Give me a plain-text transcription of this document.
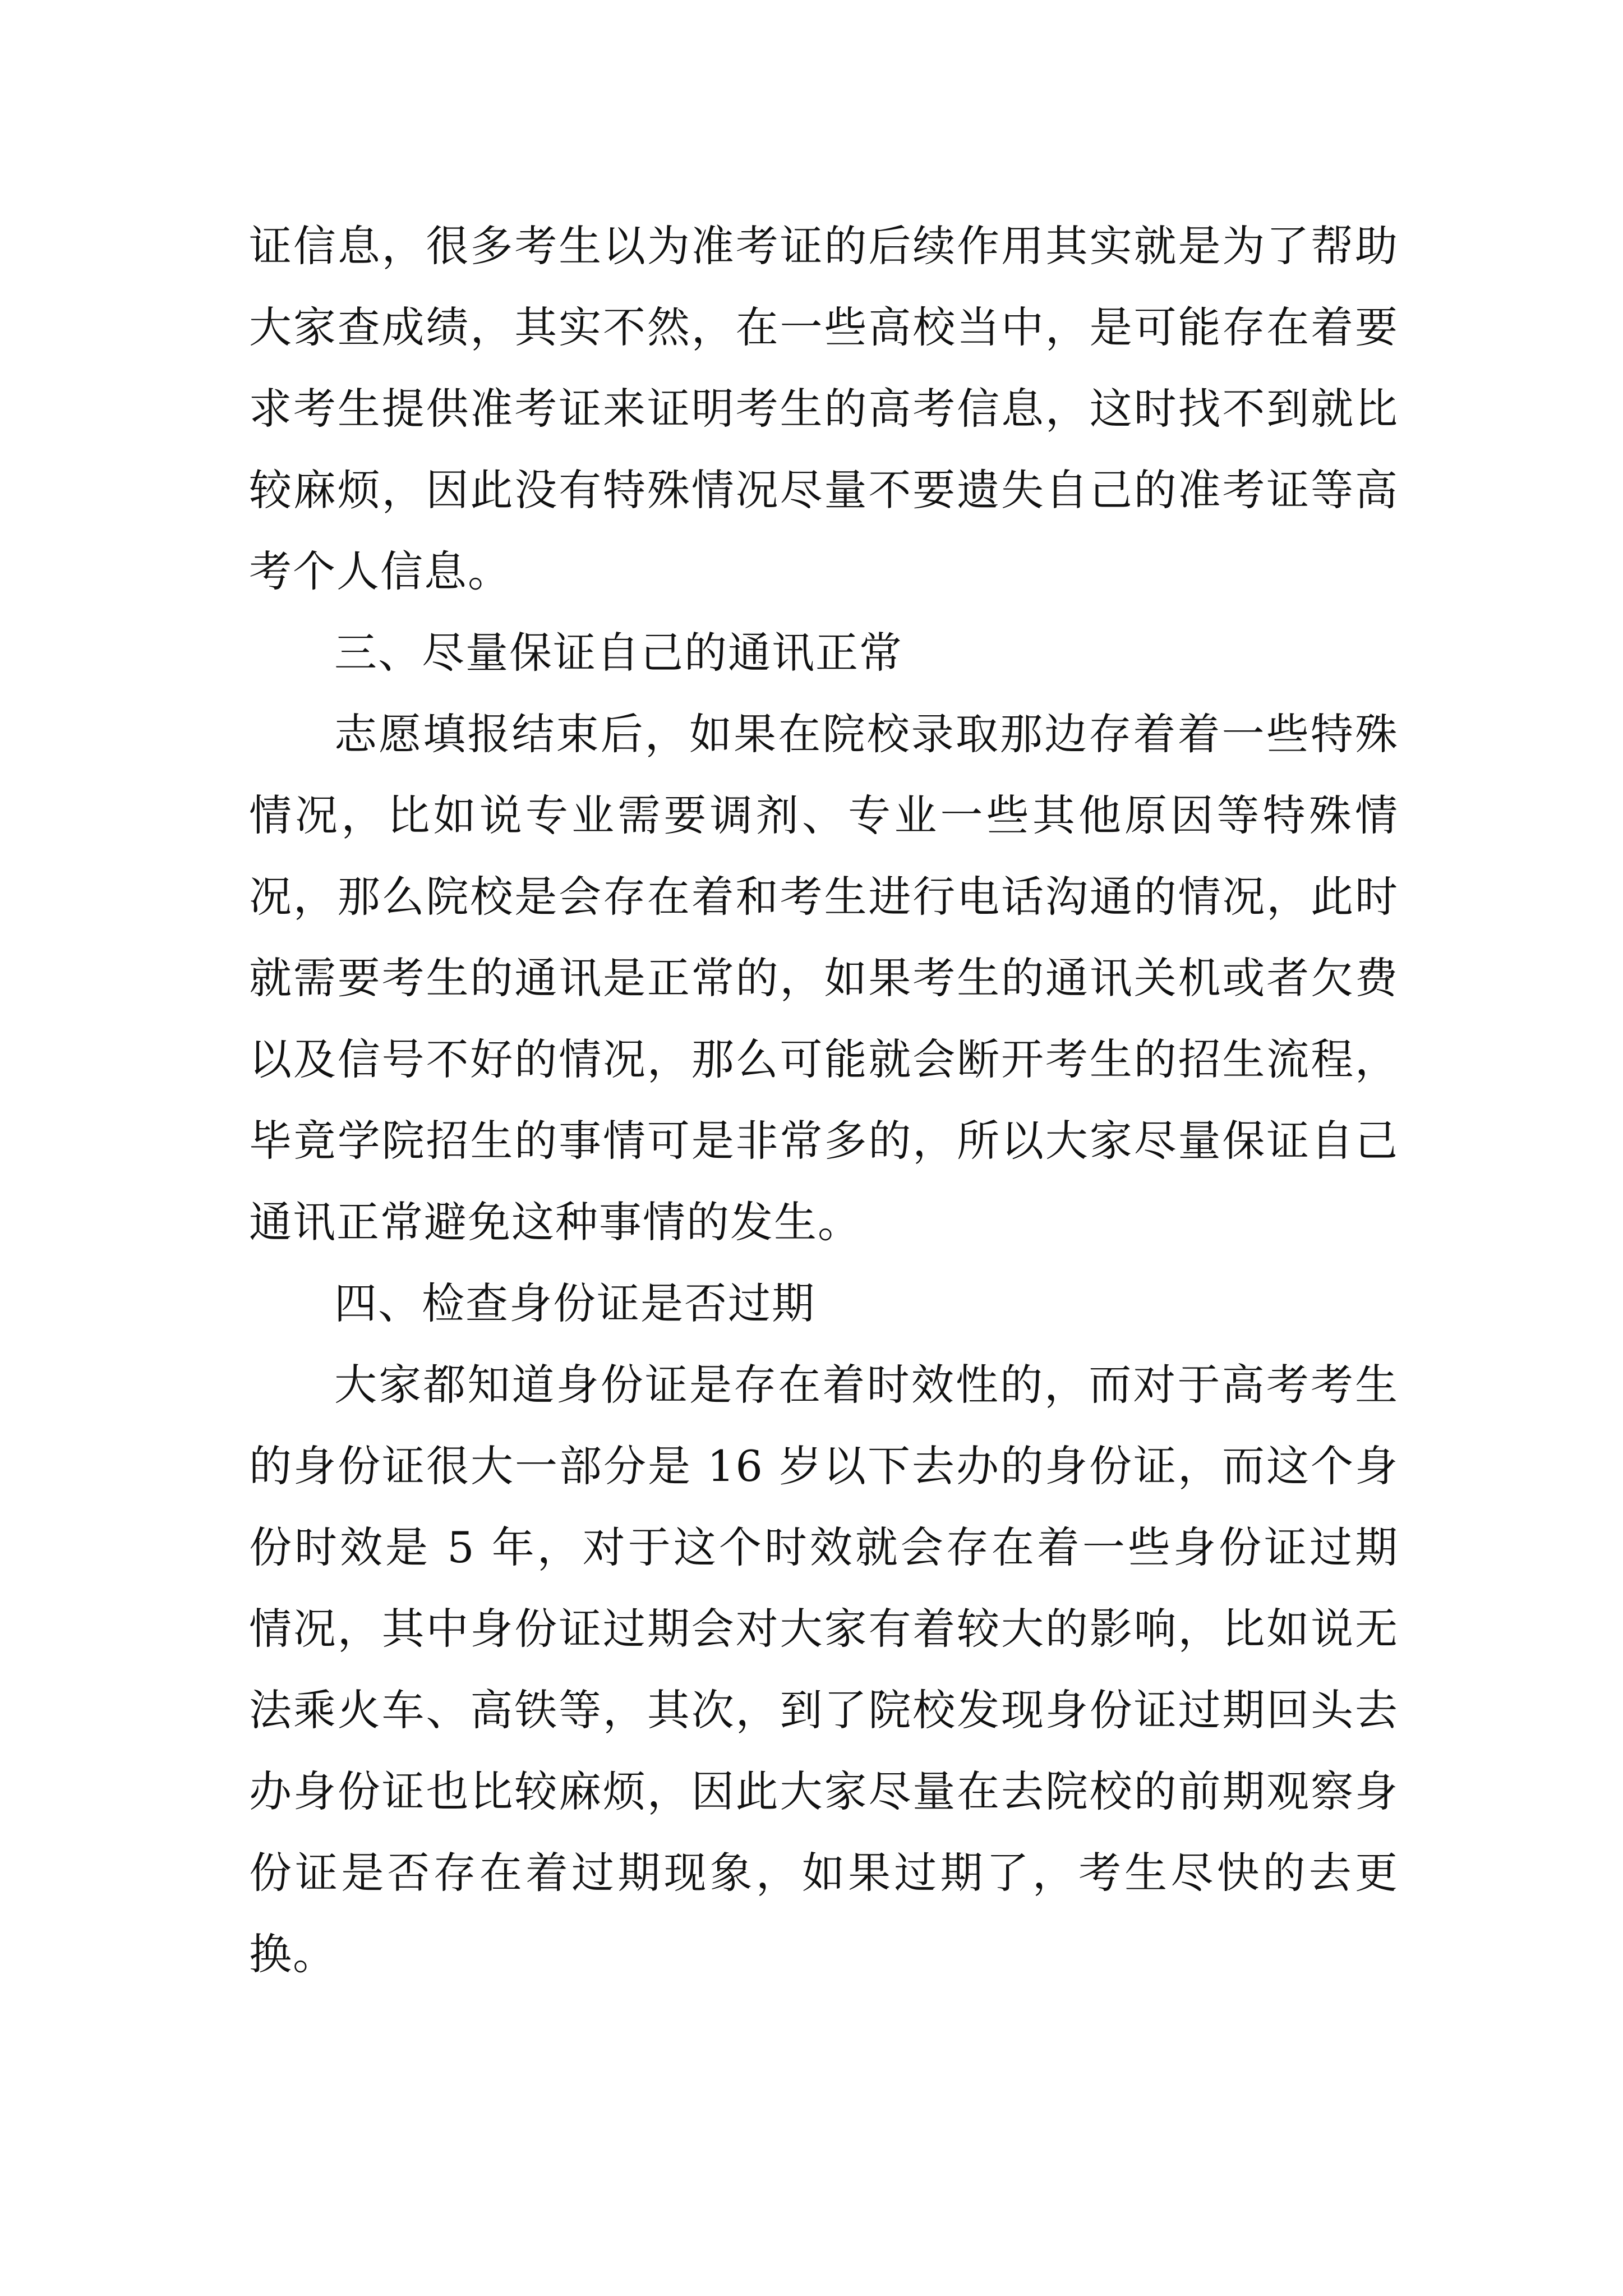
证信息，很多考生以为准考证的后续作用其实就是为了帮助大家查成绩，其实不然，在一些高校当中，是可能存在着要求考生提供准考证来证明考生的高考信息，这时找不到就比较麻烦，因此没有特殊情况尽量不要遗失自己的准考证等高考个人信息。

三、尽量保证自己的通讯正常

志愿填报结束后，如果在院校录取那边存着着一些特殊情况，比如说专业需要调剂、专业一些其他原因等特殊情况，那么院校是会存在着和考生进行电话沟通的情况，此时就需要考生的通讯是正常的，如果考生的通讯关机或者欠费以及信号不好的情况，那么可能就会断开考生的招生流程，毕竟学院招生的事情可是非常多的，所以大家尽量保证自己通讯正常避免这种事情的发生。

四、检查身份证是否过期

大家都知道身份证是存在着时效性的，而对于高考考生的身份证很大一部分是 16 岁以下去办的身份证，而这个身份时效是 5 年，对于这个时效就会存在着一些身份证过期情况，其中身份证过期会对大家有着较大的影响，比如说无法乘火车、高铁等，其次，到了院校发现身份证过期回头去办身份证也比较麻烦，因此大家尽量在去院校的前期观察身份证是否存在着过期现象，如果过期了，考生尽快的去更换。
